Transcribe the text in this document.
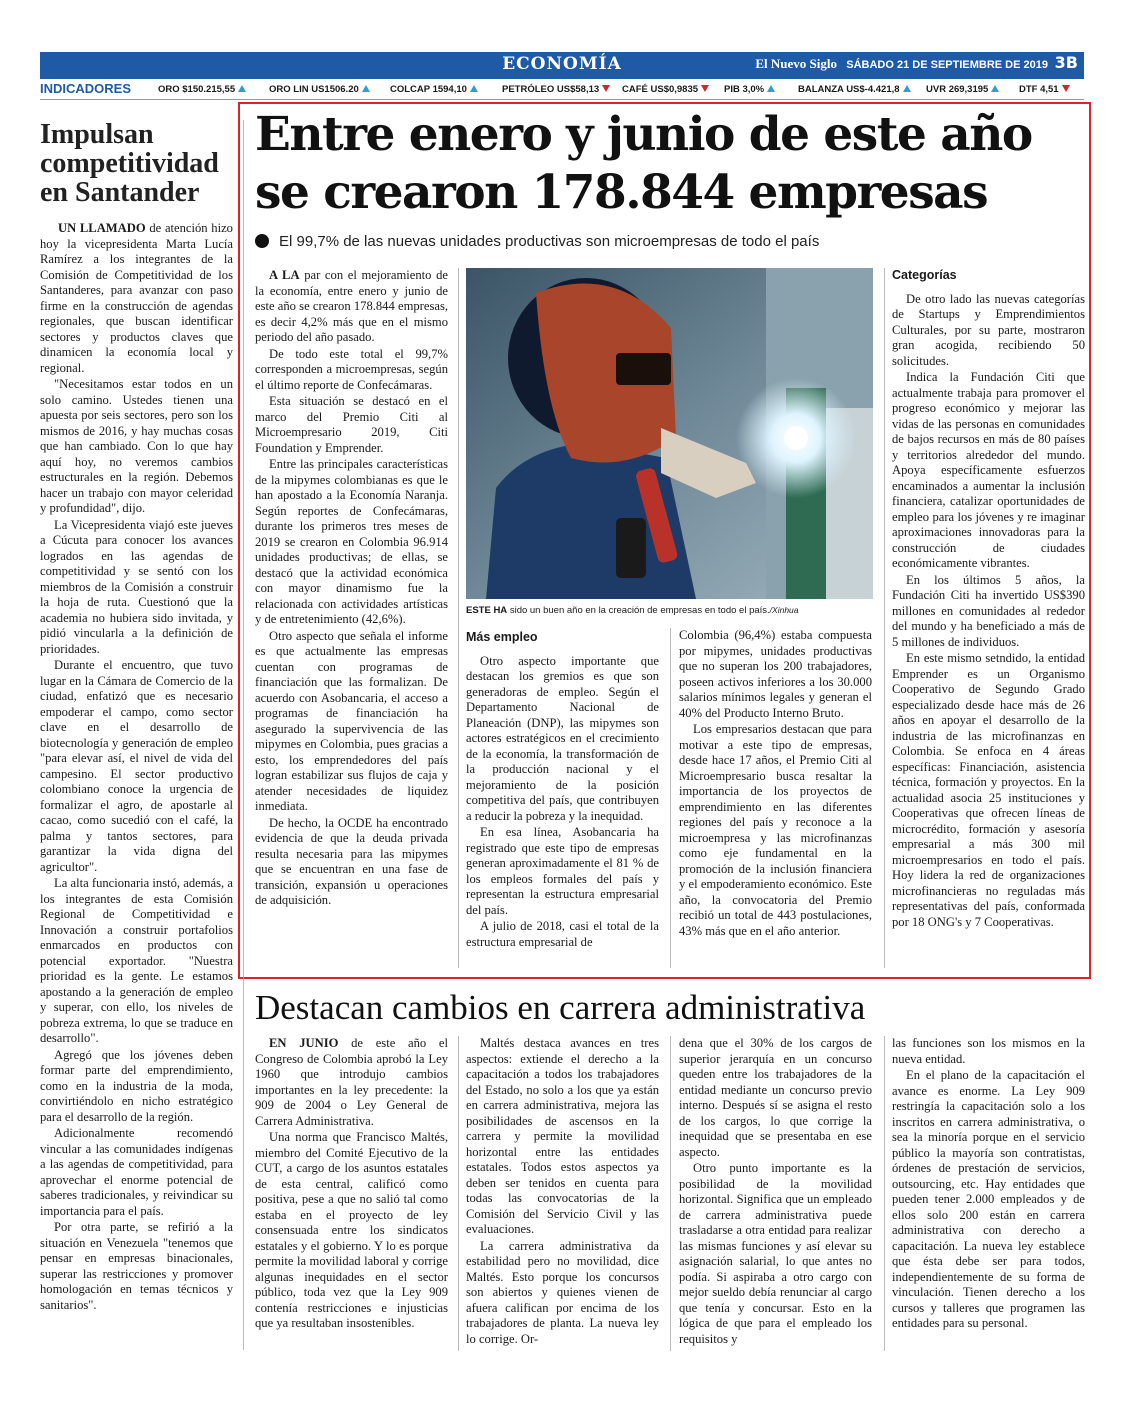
ECONOMÍA	El Nuevo Siglo SÁBADO 21 DE SEPTIEMBRE DE 2019 3B
INDICADORES	ORO $150.215,55	ORO LIN US1506.20	COLCAP 1594,10	PETRÓLEO US$58,13	CAFÉ US$0,9835	PIB 3,0%	BALANZA US$-4.421,8	UVR 269,3195	DTF 4,51
Impulsan competitividad en Santander

UN LLAMADO de atención hizo hoy la vicepresidenta Marta Lucía Ramírez a los integrantes de la Comisión de Competitividad de los Santanderes, para avanzar con paso firme en la construcción de agendas regionales, que buscan identificar sectores y productos claves que dinamicen la economía local y regional.

"Necesitamos estar todos en un solo camino. Ustedes tienen una apuesta por seis sectores, pero son los mismos de 2016, y hay muchas cosas que han cambiado. Con lo que hay aquí hoy, no veremos cambios estructurales en la región. Debemos hacer un trabajo con mayor celeridad y profundidad", dijo.

La Vicepresidenta viajó este jueves a Cúcuta para conocer los avances logrados en las agendas de competitividad y se sentó con los miembros de la Comisión a construir la hoja de ruta. Cuestionó que la academia no hubiera sido invitada, y pidió vincularla a la definición de prioridades.

Durante el encuentro, que tuvo lugar en la Cámara de Comercio de la ciudad, enfatizó que es necesario empoderar el campo, como sector clave en el desarrollo de biotecnología y generación de empleo "para elevar así, el nivel de vida del campesino. El sector productivo colombiano conoce la urgencia de formalizar el agro, de apostarle al cacao, como sucedió con el café, la palma y tantos sectores, para garantizar la vida digna del agricultor".

La alta funcionaria instó, además, a los integrantes de esta Comisión Regional de Competitividad e Innovación a construir portafolios enmarcados en productos con potencial exportador. "Nuestra prioridad es la gente. Le estamos apostando a la generación de empleo y superar, con ello, los niveles de pobreza extrema, lo que se traduce en desarrollo".

Agregó que los jóvenes deben formar parte del emprendimiento, como en la industria de la moda, convirtiéndolo en nicho estratégico para el desarrollo de la región.

Adicionalmente recomendó vincular a las comunidades indígenas a las agendas de competitividad, para aprovechar el enorme potencial de saberes tradicionales, y reivindicar su importancia para el país.

Por otra parte, se refirió a la situación en Venezuela "tenemos que pensar en empresas binacionales, superar las restricciones y promover homologación en temas técnicos y sanitarios".

Entre enero y junio de este año se crearon 178.844 empresas
El 99,7% de las nuevas unidades productivas son microempresas de todo el país

A LA par con el mejoramiento de la economía, entre enero y junio de este año se crearon 178.844 empresas, es decir 4,2% más que en el mismo periodo del año pasado.

De todo este total el 99,7% corresponden a microempresas, según el último reporte de Confecámaras.

Esta situación se destacó en el marco del Premio Citi al Microempresario 2019, Citi Foundation y Emprender.

Entre las principales características de la mipymes colombianas es que le han apostado a la Economía Naranja. Según reportes de Confecámaras, durante los primeros tres meses de 2019 se crearon en Colombia 96.914 unidades productivas; de ellas, se destacó que la actividad económica con mayor dinamismo fue la relacionada con actividades artísticas y de entretenimiento (42,6%).

Otro aspecto que señala el informe es que actualmente las empresas cuentan con programas de financiación que las formalizan. De acuerdo con Asobancaria, el acceso a programas de financiación ha asegurado la supervivencia de las mipymes en Colombia, pues gracias a esto, los emprendedores del país logran estabilizar sus flujos de caja y atender necesidades de liquidez inmediata.

De hecho, la OCDE ha encontrado evidencia de que la deuda privada resulta necesaria para las mipymes que se encuentran en una fase de transición, expansión u operaciones de adquisición.

ESTE HA sido un buen año en la creación de empresas en todo el país./Xinhua
Más empleo

Otro aspecto importante que destacan los gremios es que son generadoras de empleo. Según el Departamento Nacional de Planeación (DNP), las mipymes son actores estratégicos en el crecimiento de la economía, la transformación de la producción nacional y el mejoramiento de la posición competitiva del país, que contribuyen a reducir la pobreza y la inequidad.

En esa línea, Asobancaria ha registrado que este tipo de empresas generan aproximadamente el 81 % de los empleos formales del país y representan la estructura empresarial del país.

A julio de 2018, casi el total de la estructura empresarial de

Colombia (96,4%) estaba compuesta por mipymes, unidades productivas que no superan los 200 trabajadores, poseen activos inferiores a los 30.000 salarios mínimos legales y generan el 40% del Producto Interno Bruto.

Los empresarios destacan que para motivar a este tipo de empresas, desde hace 17 años, el Premio Citi al Microempresario busca resaltar la importancia de los proyectos de emprendimiento en las diferentes regiones del país y reconoce a la microempresa y las microfinanzas como eje fundamental en la promoción de la inclusión financiera y el empoderamiento económico. Este año, la convocatoria del Premio recibió un total de 443 postulaciones, 43% más que en el año anterior.

Categorías

De otro lado las nuevas categorías de Startups y Emprendimientos Culturales, por su parte, mostraron gran acogida, recibiendo 50 solicitudes.

Indica la Fundación Citi que actualmente trabaja para promover el progreso económico y mejorar las vidas de las personas en comunidades de bajos recursos en más de 80 países y territorios alrededor del mundo. Apoya específicamente esfuerzos encaminados a aumentar la inclusión financiera, catalizar oportunidades de empleo para los jóvenes y re imaginar aproximaciones innovadoras para la construcción de ciudades económicamente vibrantes.

En los últimos 5 años, la Fundación Citi ha invertido US$390 millones en comunidades al rededor del mundo y ha beneficiado a más de 5 millones de individuos.

En este mismo setndido, la entidad Emprender es un Organismo Cooperativo de Segundo Grado especializado desde hace más de 26 años en apoyar el desarrollo de la industria de las microfinanzas en Colombia. Se enfoca en 4 áreas específicas: Financiación, asistencia técnica, formación y proyectos. En la actualidad asocia 25 instituciones y Cooperativas que ofrecen líneas de microcrédito, formación y asesoría empresarial a más 300 mil microempresarios en todo el país. Hoy lidera la red de organizaciones microfinancieras no reguladas más representativas del país, conformada por 18 ONG's y 7 Cooperativas.

Destacan cambios en carrera administrativa

EN JUNIO de este año el Congreso de Colombia aprobó la Ley 1960 que introdujo cambios importantes en la ley precedente: la 909 de 2004 o Ley General de Carrera Administrativa.

Una norma que Francisco Maltés, miembro del Comité Ejecutivo de la CUT, a cargo de los asuntos estatales de esta central, calificó como positiva, pese a que no salió tal como estaba en el proyecto de ley consensuada entre los sindicatos estatales y el gobierno. Y lo es porque permite la movilidad laboral y corrige algunas inequidades en el sector público, toda vez que la Ley 909 contenía restricciones e injusticias que ya resultaban insostenibles.

Maltés destaca avances en tres aspectos: extiende el derecho a la capacitación a todos los trabajadores del Estado, no solo a los que ya están en carrera administrativa, mejora las posibilidades de ascensos en la carrera y permite la movilidad horizontal entre las entidades estatales. Todos estos aspectos ya deben ser tenidos en cuenta para todas las convocatorias de la Comisión del Servicio Civil y las evaluaciones.

La carrera administrativa da estabilidad pero no movilidad, dice Maltés. Esto porque los concursos son abiertos y quienes vienen de afuera califican por encima de los trabajadores de planta. La nueva ley lo corrige. Or-

dena que el 30% de los cargos de superior jerarquía en un concurso queden entre los trabajadores de la entidad mediante un concurso previo interno. Después sí se asigna el resto de los cargos, lo que corrige la inequidad que se presentaba en ese aspecto.

Otro punto importante es la posibilidad de la movilidad horizontal. Significa que un empleado de carrera administrativa puede trasladarse a otra entidad para realizar las mismas funciones y así elevar su asignación salarial, lo que antes no podía. Si aspiraba a otro cargo con mejor sueldo debía renunciar al cargo que tenía y concursar. Esto en la lógica de que para el empleado los requisitos y

las funciones son los mismos en la nueva entidad.

En el plano de la capacitación el avance es enorme. La Ley 909 restringía la capacitación solo a los inscritos en carrera administrativa, o sea la minoría porque en el servicio público la mayoría son contratistas, órdenes de prestación de servicios, outsourcing, etc. Hay entidades que pueden tener 2.000 empleados y de ellos solo 200 están en carrera administrativa con derecho a capacitación. La nueva ley establece que ésta debe ser para todos, independientemente de su forma de vinculación. Tienen derecho a los cursos y talleres que programen las entidades para su personal.
